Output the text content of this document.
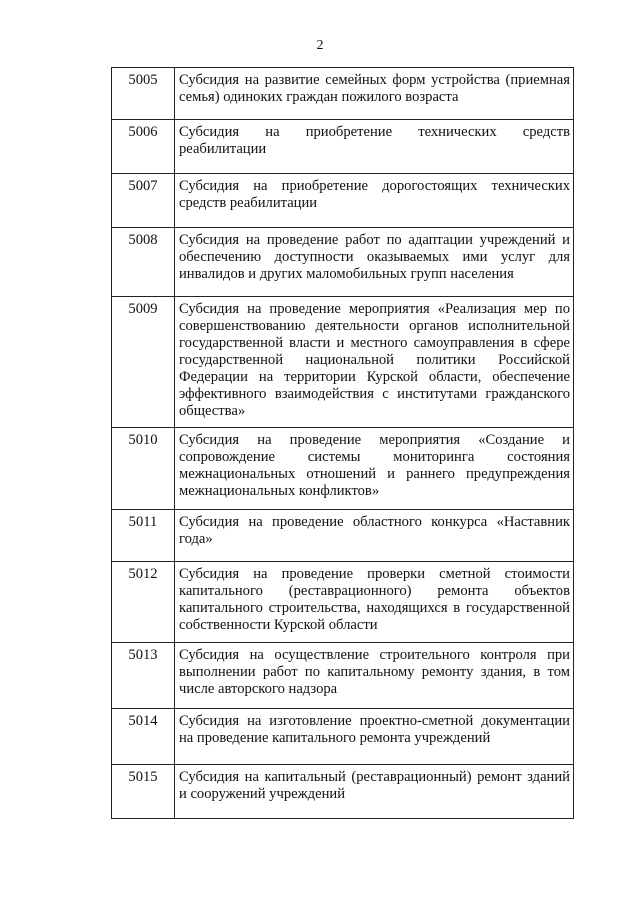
2
5005	Субсидия на развитие семейных форм устройства (приемная семья) одиноких граждан пожилого возраста
5006	Субсидия на приобретение технических средств реабилитации
5007	Субсидия на приобретение дорогостоящих технических средств реабилитации
5008	Субсидия на проведение работ по адаптации учреждений и обеспечению доступности оказываемых ими услуг для инвалидов и других маломобильных групп населения
5009	Субсидия на проведение мероприятия «Реализация мер по совершенствованию деятельности органов исполнительной государственной власти и местного самоуправления в сфере государственной национальной политики Российской Федерации на территории Курской области, обеспечение эффективного взаимодействия с институтами гражданского общества»
5010	Субсидия на проведение мероприятия «Создание и сопровождение системы мониторинга состояния межнациональных отношений и раннего предупреждения межнациональных конфликтов»
5011	Субсидия на проведение областного конкурса «Наставник года»
5012	Субсидия на проведение проверки сметной стоимости капитального (реставрационного) ремонта объектов капитального строительства, находящихся в государственной собственности Курской области
5013	Субсидия на осуществление строительного контроля при выполнении работ по капитальному ремонту здания, в том числе авторского надзора
5014	Субсидия на изготовление проектно-сметной документации на проведение капитального ремонта учреждений
5015	Субсидия на капитальный (реставрационный) ремонт зданий и сооружений учреждений
